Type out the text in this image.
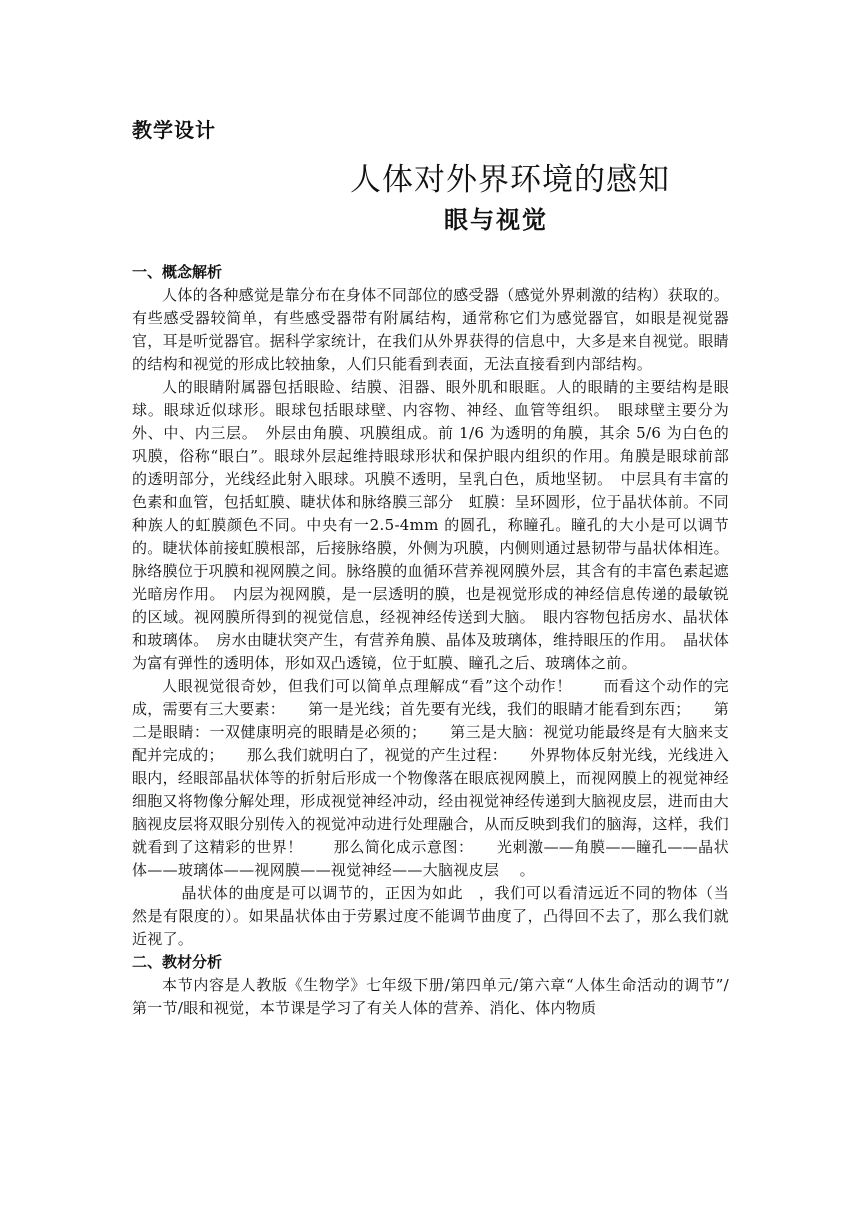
教学设计
人体对外界环境的感知
眼与视觉

一、概念解析

人体的各种感觉是靠分布在身体不同部位的感受器（感觉外界刺激的结构）获取的。有些感受器较简单，有些感受器带有附属结构，通常称它们为感觉器官，如眼是视觉器官，耳是听觉器官。据科学家统计，在我们从外界获得的信息中，大多是来自视觉。眼睛的结构和视觉的形成比较抽象，人们只能看到表面，无法直接看到内部结构。

人的眼睛附属器包括眼睑、结膜、泪器、眼外肌和眼眶。人的眼睛的主要结构是眼球。眼球近似球形。眼球包括眼球壁、内容物、神经、血管等组织。　眼球壁主要分为外、中、内三层。　外层由角膜、巩膜组成。前 1/6 为透明的角膜，其余 5/6 为白色的巩膜，俗称“眼白”。眼球外层起维持眼球形状和保护眼内组织的作用。角膜是眼球前部的透明部分，光线经此射入眼球。巩膜不透明，呈乳白色，质地坚韧。　中层具有丰富的色素和血管，包括虹膜、睫状体和脉络膜三部分　虹膜：呈环圆形，位于晶状体前。不同种族人的虹膜颜色不同。中央有一2.5-4mm 的圆孔，称瞳孔。瞳孔的大小是可以调节的。睫状体前接虹膜根部，后接脉络膜，外侧为巩膜，内侧则通过悬韧带与晶状体相连。脉络膜位于巩膜和视网膜之间。脉络膜的血循环营养视网膜外层，其含有的丰富色素起遮光暗房作用。　内层为视网膜，是一层透明的膜，也是视觉形成的神经信息传递的最敏锐的区域。视网膜所得到的视觉信息，经视神经传送到大脑。　眼内容物包括房水、晶状体和玻璃体。　房水由睫状突产生，有营养角膜、晶体及玻璃体，维持眼压的作用。　晶状体为富有弹性的透明体，形如双凸透镜，位于虹膜、瞳孔之后、玻璃体之前。

人眼视觉很奇妙，但我们可以简单点理解成“看”这个动作！　　而看这个动作的完成，需要有三大要素：　　第一是光线；首先要有光线，我们的眼睛才能看到东西；　　第二是眼睛：一双健康明亮的眼睛是必须的；　　第三是大脑：视觉功能最终是有大脑来支配并完成的；　　那么我们就明白了，视觉的产生过程：　　外界物体反射光线，光线进入眼内，经眼部晶状体等的折射后形成一个物像落在眼底视网膜上，而视网膜上的视觉神经细胞又将物像分解处理，形成视觉神经冲动，经由视觉神经传递到大脑视皮层，进而由大脑视皮层将双眼分别传入的视觉冲动进行处理融合，从而反映到我们的脑海，这样，我们就看到了这精彩的世界！　　那么简化成示意图：　　光刺激——角膜——瞳孔——晶状体——玻璃体——视网膜——视觉神经——大脑视皮层 　。

晶状体的曲度是可以调节的，正因为如此　，我们可以看清远近不同的物体（当然是有限度的）。如果晶状体由于劳累过度不能调节曲度了，凸得回不去了，那么我们就近视了。

二、教材分析

本节内容是人教版《生物学》七年级下册/第四单元/第六章“人体生命活动的调节”/第一节/眼和视觉，本节课是学习了有关人体的营养、消化、体内物质
